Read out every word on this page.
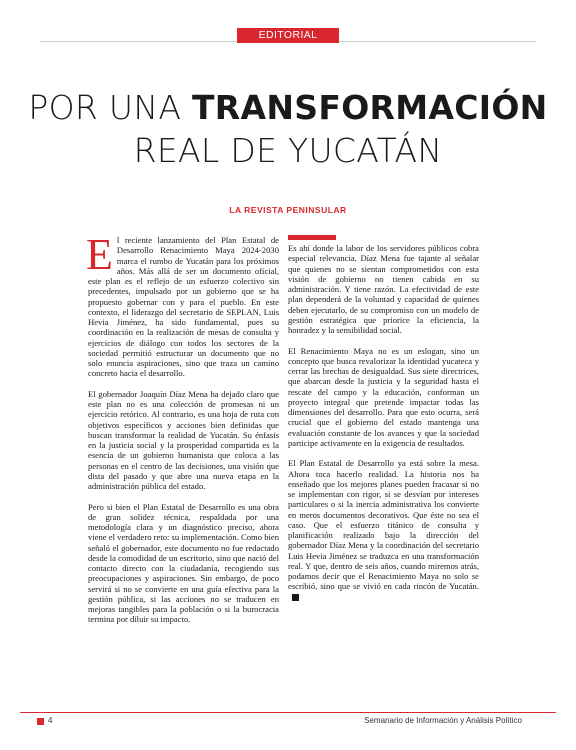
EDITORIAL
POR UNA TRANSFORMACIÓN
REAL DE YUCATÁN
LA REVISTA PENINSULAR

El reciente lanzamiento del Plan Estatal de Desarrollo Renacimiento Maya 2024-2030 marca el rumbo de Yucatán para los próximos años. Más allá de ser un documento oficial, este plan es el reflejo de un esfuerzo colectivo sin precedentes, impulsado por un gobierno que se ha propuesto gobernar con y para el pueblo. En este contexto, el liderazgo del secretario de SEPLAN, Luis Hevia Jiménez, ha sido fundamental, pues su coordinación en la realización de mesas de consulta y ejercicios de diálogo con todos los sectores de la sociedad permitió estructurar un documento que no solo enuncia aspiraciones, sino que traza un camino concreto hacia el desarrollo.

El gobernador Joaquín Díaz Mena ha dejado claro que este plan no es una colección de promesas ni un ejercicio retórico. Al contrario, es una hoja de ruta con objetivos específicos y acciones bien definidas que buscan transformar la realidad de Yucatán. Su énfasis en la justicia social y la prosperidad compartida es la esencia de un gobierno humanista que coloca a las personas en el centro de las decisiones, una visión que dista del pasado y que abre una nueva etapa en la administración pública del estado.

Pero si bien el Plan Estatal de Desarrollo es una obra de gran solidez técnica, respaldada por una metodología clara y un diagnóstico preciso, ahora viene el verdadero reto: su implementación. Como bien señaló el gobernador, este documento no fue redactado desde la comodidad de un escritorio, sino que nació del contacto directo con la ciudadanía, recogiendo sus preocupaciones y aspiraciones. Sin embargo, de poco servirá si no se convierte en una guía efectiva para la gestión pública, si las acciones no se traducen en mejoras tangibles para la población o si la burocracia termina por diluir su impacto.

Es ahí donde la labor de los servidores públicos cobra especial relevancia. Díaz Mena fue tajante al señalar que quienes no se sientan comprometidos con esta visión de gobierno no tienen cabida en su administración. Y tiene razón. La efectividad de este plan dependerá de la voluntad y capacidad de quienes deben ejecutarlo, de su compromiso con un modelo de gestión estratégica que priorice la eficiencia, la honradez y la sensibilidad social.

El Renacimiento Maya no es un eslogan, sino un concepto que busca revalorizar la identidad yucateca y cerrar las brechas de desigualdad. Sus siete directrices, que abarcan desde la justicia y la seguridad hasta el rescate del campo y la educación, conforman un proyecto integral que pretende impactar todas las dimensiones del desarrollo. Para que esto ocurra, será crucial que el gobierno del estado mantenga una evaluación constante de los avances y que la sociedad participe activamente en la exigencia de resultados.

El Plan Estatal de Desarrollo ya está sobre la mesa. Ahora toca hacerlo realidad. La historia nos ha enseñado que los mejores planes pueden fracasar si no se implementan con rigor, si se desvían por intereses particulares o si la inercia administrativa los convierte en meros documentos decorativos. Que éste no sea el caso. Que el esfuerzo titánico de consulta y planificación realizado bajo la dirección del gobernador Díaz Mena y la coordinación del secretario Luis Hevia Jiménez se traduzca en una transformación real. Y que, dentro de seis años, cuando miremos atrás, podamos decir que el Renacimiento Maya no solo se escribió, sino que se vivió en cada rincón de Yucatán.

4	Semanario de Información y Análisis Político
